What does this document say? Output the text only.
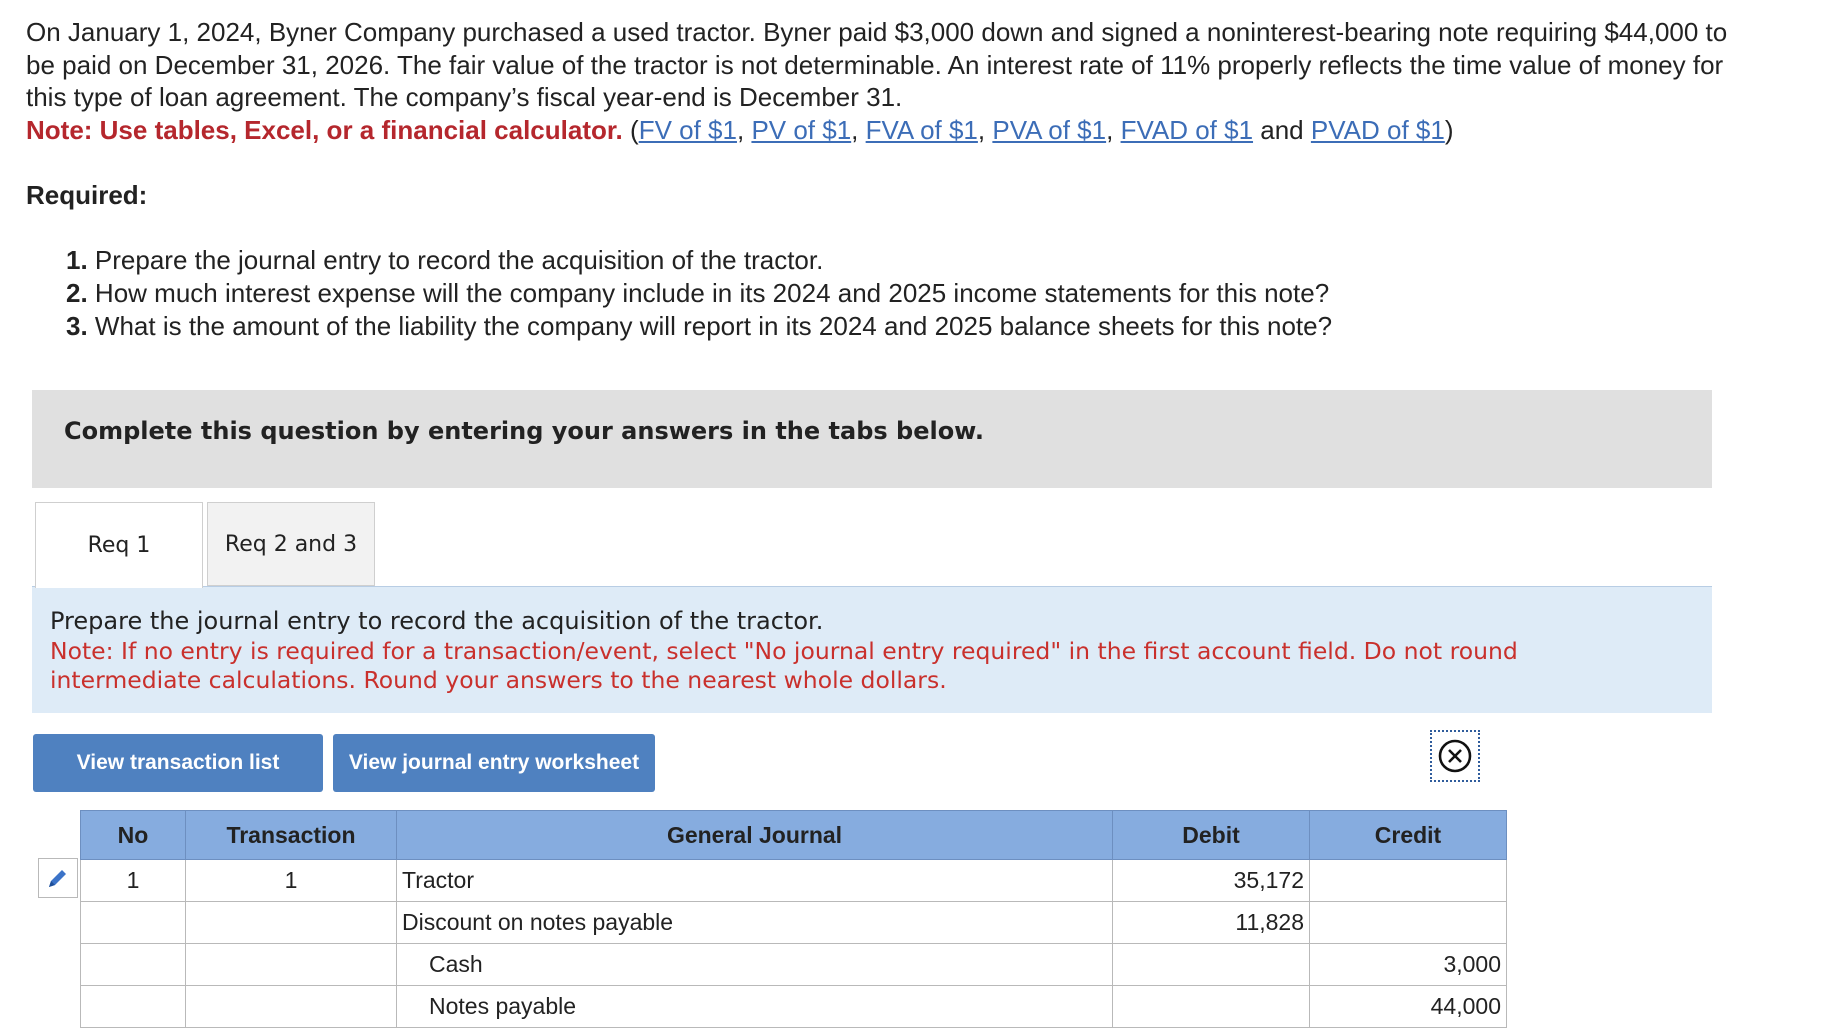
On January 1, 2024, Byner Company purchased a used tractor. Byner paid $3,000 down and signed a noninterest-bearing note requiring $44,000 to be paid on December 31, 2026. The fair value of the tractor is not determinable. An interest rate of 11% properly reflects the time value of money for this type of loan agreement. The company’s fiscal year-end is December 31.
Note: Use tables, Excel, or a financial calculator. (FV of $1, PV of $1, FVA of $1, PVA of $1, FVAD of $1 and PVAD of $1)
Required:
1. Prepare the journal entry to record the acquisition of the tractor.
2. How much interest expense will the company include in its 2024 and 2025 income statements for this note?
3. What is the amount of the liability the company will report in its 2024 and 2025 balance sheets for this note?
Complete this question by entering your answers in the tabs below.
Req 1	Req 2 and 3
Prepare the journal entry to record the acquisition of the tractor.
Note: If no entry is required for a transaction/event, select "No journal entry required" in the first account field. Do not round intermediate calculations. Round your answers to the nearest whole dollars.
View transaction list	View journal entry worksheet
No	Transaction	General Journal	Debit	Credit
1	1	Tractor	35,172	
		Discount on notes payable	11,828	
		Cash		3,000
		Notes payable		44,000
